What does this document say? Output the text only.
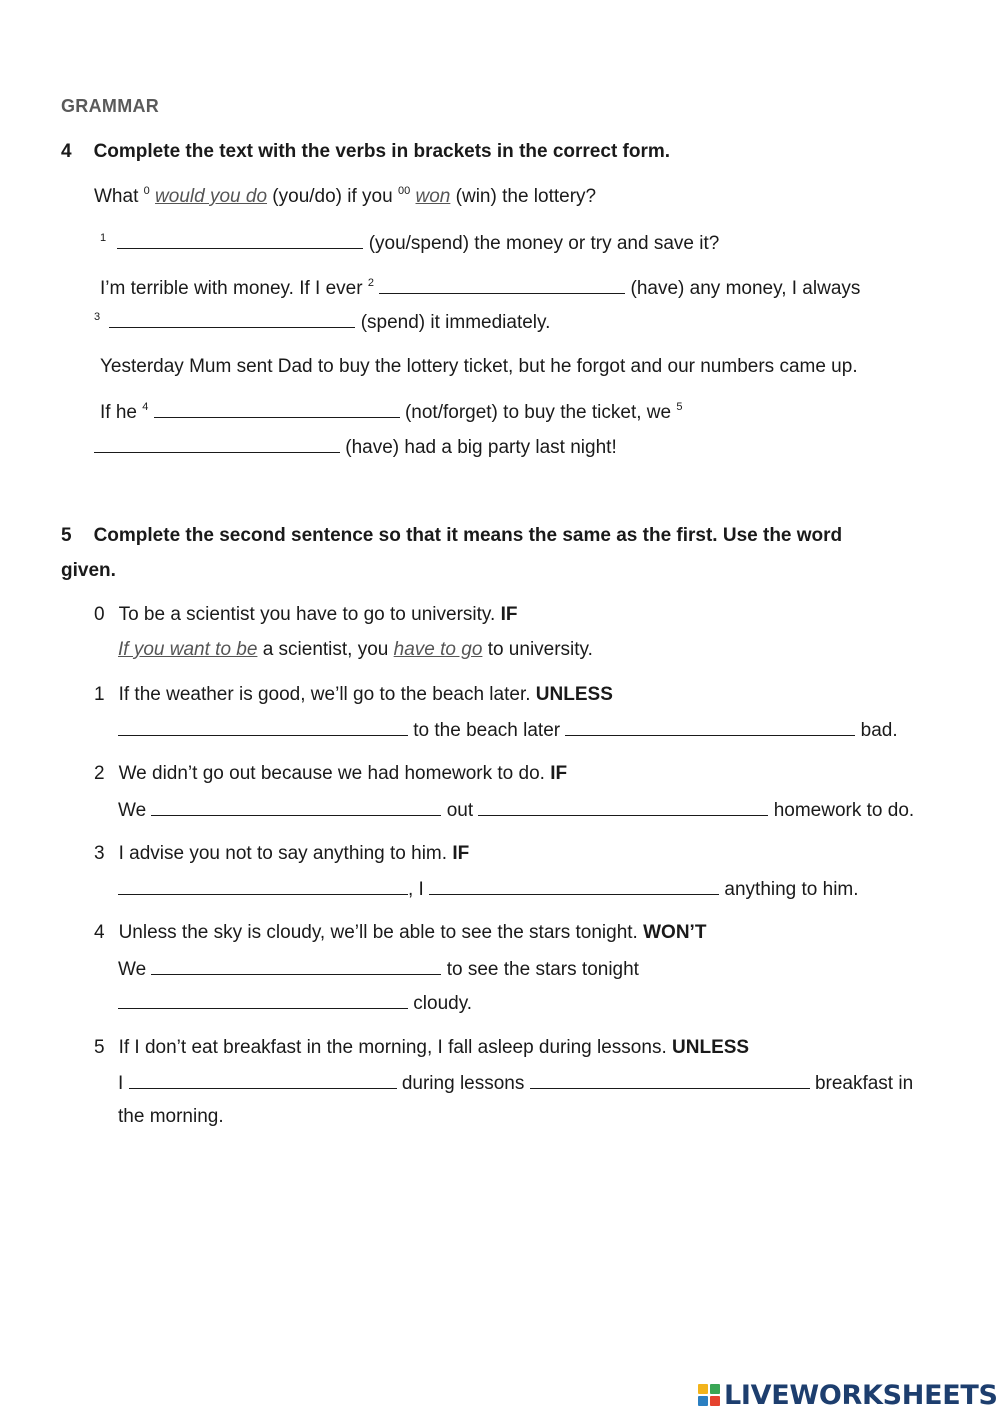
GRAMMAR
4 Complete the text with the verbs in brackets in the correct form.
What $^0$ would you do (you/do) if you $^{00}$ won (win) the lottery?
$^1$	(you/spend) the money or try and save it?
I’m terrible with money. If I ever $^2$	(have) any money, I always
$^3$	(spend) it immediately.
Yesterday Mum sent Dad to buy the lottery ticket, but he forgot and our numbers came up.
If he $^4$	(not/forget) to buy the ticket, we $^5$
(have) had a big party last night!
5 Complete the second sentence so that it means the same as the first. Use the word
given.
0 To be a scientist you have to go to university. IF
If you want to be a scientist, you have to go to university.
1 If the weather is good, we’ll go to the beach later. UNLESS
to the beach later	bad.
2 We didn’t go out because we had homework to do. IF
We	out	homework to do.
3 I advise you not to say anything to him. IF
, I	anything to him.
4 Unless the sky is cloudy, we’ll be able to see the stars tonight. WON’T
We	to see the stars tonight
cloudy.
5 If I don’t eat breakfast in the morning, I fall asleep during lessons. UNLESS
I	during lessons	breakfast in
the morning.
LIVEWORKSHEETS
